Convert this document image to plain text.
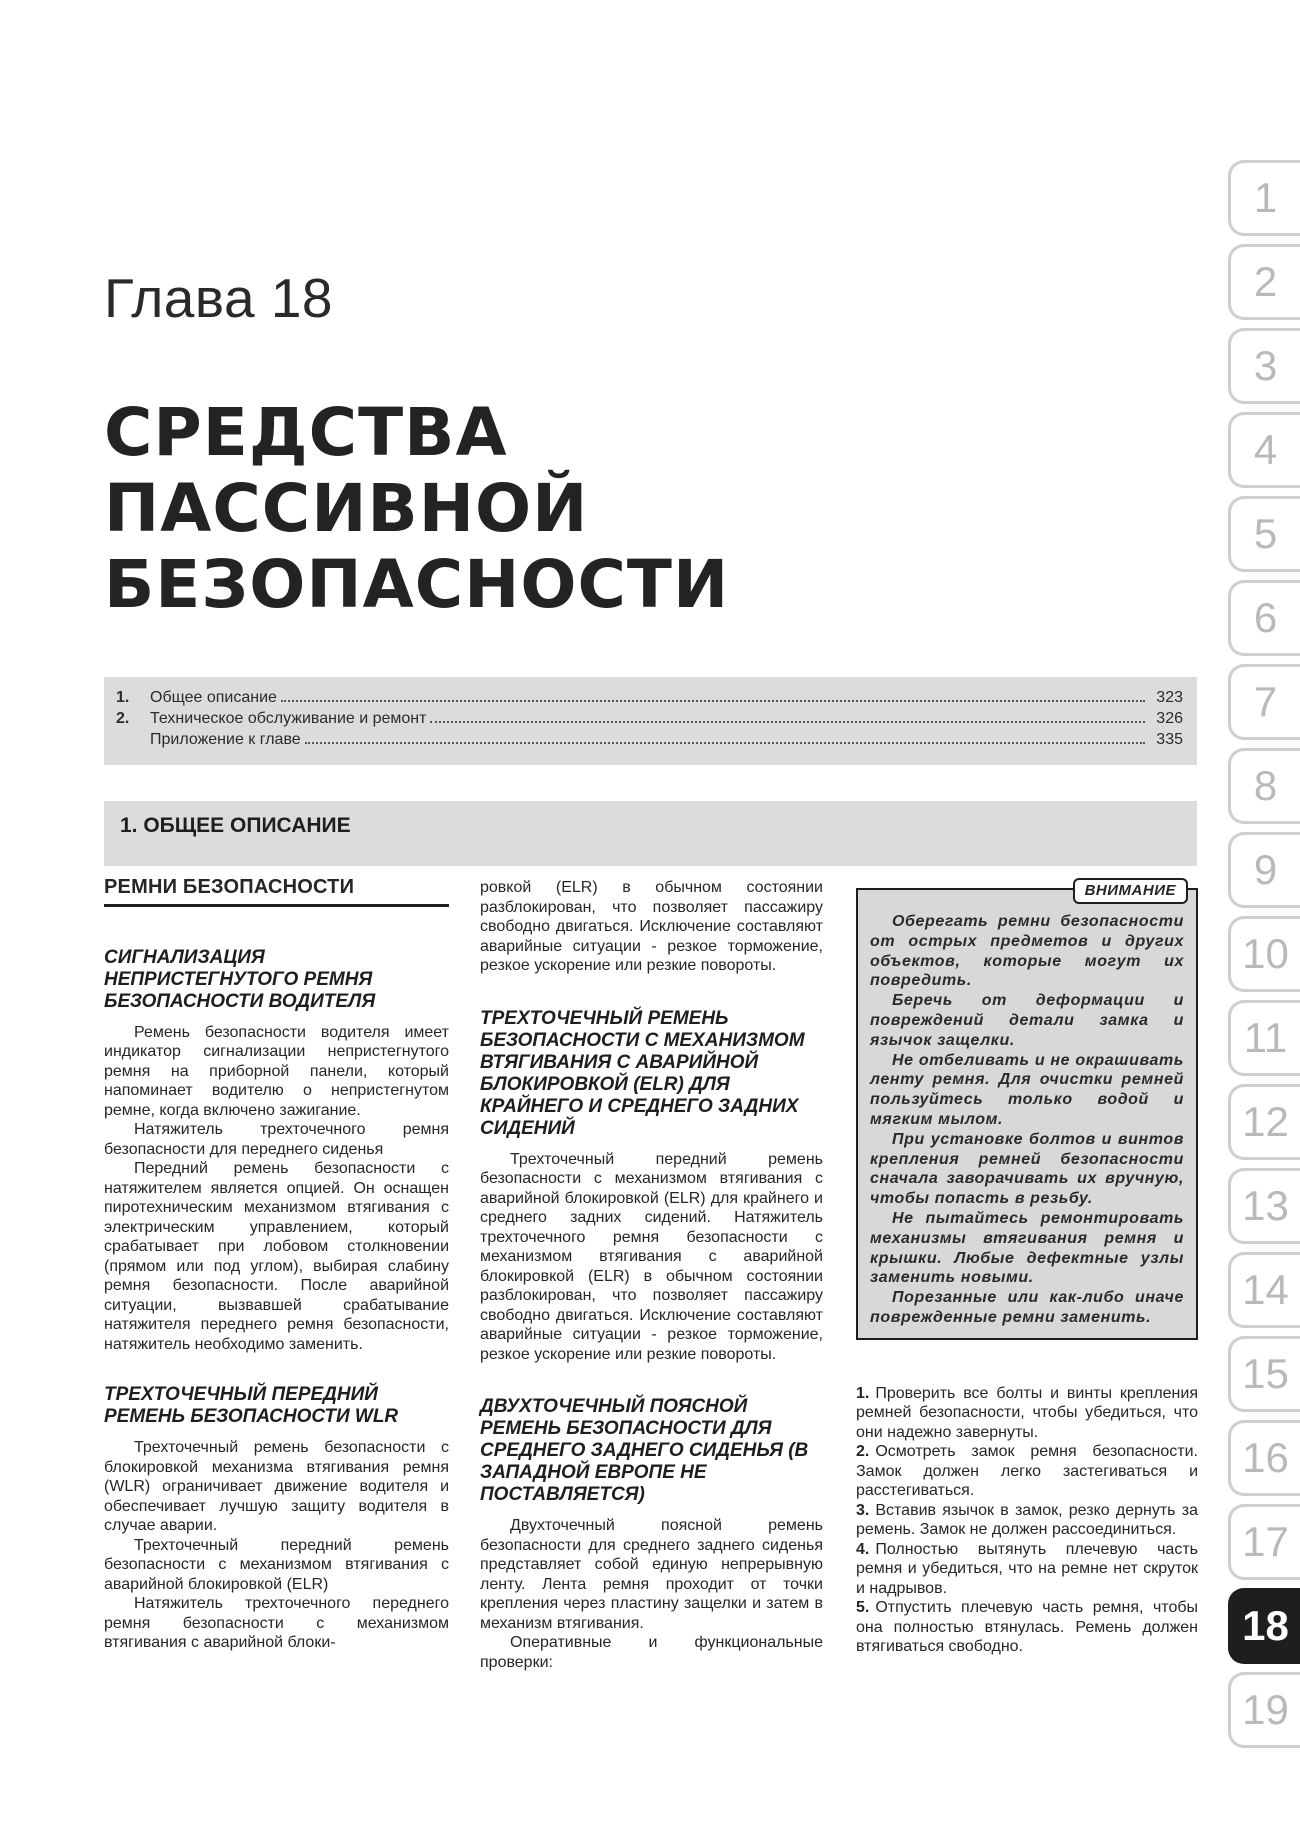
Глава 18
СРЕДСТВА
ПАССИВНОЙ
БЕЗОПАСНОСТИ
1.	Общее описание	323
2.	Техническое обслуживание и ремонт	326
Приложение к главе	335
1. ОБЩЕЕ ОПИСАНИЕ
РЕМНИ БЕЗОПАСНОСТИ
СИГНАЛИЗАЦИЯ НЕПРИСТЕГНУТОГО РЕМНЯ БЕЗОПАСНОСТИ ВОДИТЕЛЯ

Ремень безопасности водителя имеет индикатор сигнализации непристегнутого ремня на приборной панели, который напоминает водителю о непристегнутом ремне, когда включено зажигание.

Натяжитель трехточечного ремня безопасности для переднего сиденья

Передний ремень безопасности с натяжителем является опцией. Он оснащен пиротехническим механизмом втягивания с электрическим управлением, который срабатывает при лобовом столкновении (прямом или под углом), выбирая слабину ремня безопасности. После аварийной ситуации, вызвавшей срабатывание натяжителя переднего ремня безопасности, натяжитель необходимо заменить.

ТРЕХТОЧЕЧНЫЙ ПЕРЕДНИЙ РЕМЕНЬ БЕЗОПАСНОСТИ WLR

Трехточечный ремень безопасности с блокировкой механизма втягивания ремня (WLR) ограничивает движение водителя и обеспечивает лучшую защиту водителя в случае аварии.

Трехточечный передний ремень безопасности с механизмом втягивания с аварийной блокировкой (ELR)

Натяжитель трехточечного переднего ремня безопасности с механизмом втягивания с аварийной блоки-

ровкой (ELR) в обычном состоянии разблокирован, что позволяет пассажиру свободно двигаться. Исключение составляют аварийные ситуации - резкое торможение, резкое ускорение или резкие повороты.

ТРЕХТОЧЕЧНЫЙ РЕМЕНЬ БЕЗОПАСНОСТИ С МЕХАНИЗМОМ ВТЯГИВАНИЯ С АВАРИЙНОЙ БЛОКИРОВКОЙ (ELR) ДЛЯ КРАЙНЕГО И СРЕДНЕГО ЗАДНИХ СИДЕНИЙ

Трехточечный передний ремень безопасности с механизмом втягивания с аварийной блокировкой (ELR) для крайнего и среднего задних сидений. Натяжитель трехточечного ремня безопасности с механизмом втягивания с аварийной блокировкой (ELR) в обычном состоянии разблокирован, что позволяет пассажиру свободно двигаться. Исключение составляют аварийные ситуации - резкое торможение, резкое ускорение или резкие повороты.

ДВУХТОЧЕЧНЫЙ ПОЯСНОЙ РЕМЕНЬ БЕЗОПАСНОСТИ ДЛЯ СРЕДНЕГО ЗАДНЕГО СИДЕНЬЯ (В ЗАПАДНОЙ ЕВРОПЕ НЕ ПОСТАВЛЯЕТСЯ)

Двухточечный поясной ремень безопасности для среднего заднего сиденья представляет собой единую непрерывную ленту. Лента ремня проходит от точки крепления через пластину защелки и затем в механизм втягивания.

Оперативные и функциональные проверки:

ВНИМАНИЕ

Оберегать ремни безопасности от острых предметов и других объектов, которые могут их повредить.

Беречь от деформации и повреждений детали замка и язычок защелки.

Не отбеливать и не окрашивать ленту ремня. Для очистки ремней пользуйтесь только водой и мягким мылом.

При установке болтов и винтов крепления ремней безопасности сначала заворачивать их вручную, чтобы попасть в резьбу.

Не пытайтесь ремонтировать механизмы втягивания ремня и крышки. Любые дефектные узлы заменить новыми.

Порезанные или как-либо иначе поврежденные ремни заменить.

1. Проверить все болты и винты крепления ремней безопасности, чтобы убедиться, что они надежно завернуты.

2. Осмотреть замок ремня безопасности. Замок должен легко застегиваться и расстегиваться.

3. Вставив язычок в замок, резко дернуть за ремень. Замок не должен рассоединиться.

4. Полностью вытянуть плечевую часть ремня и убедиться, что на ремне нет скруток и надрывов.

5. Отпустить плечевую часть ремня, чтобы она полностью втянулась. Ремень должен втягиваться свободно.

1
2
3
4
5
6
7
8
9
10
11
12
13
14
15
16
17
18
19
